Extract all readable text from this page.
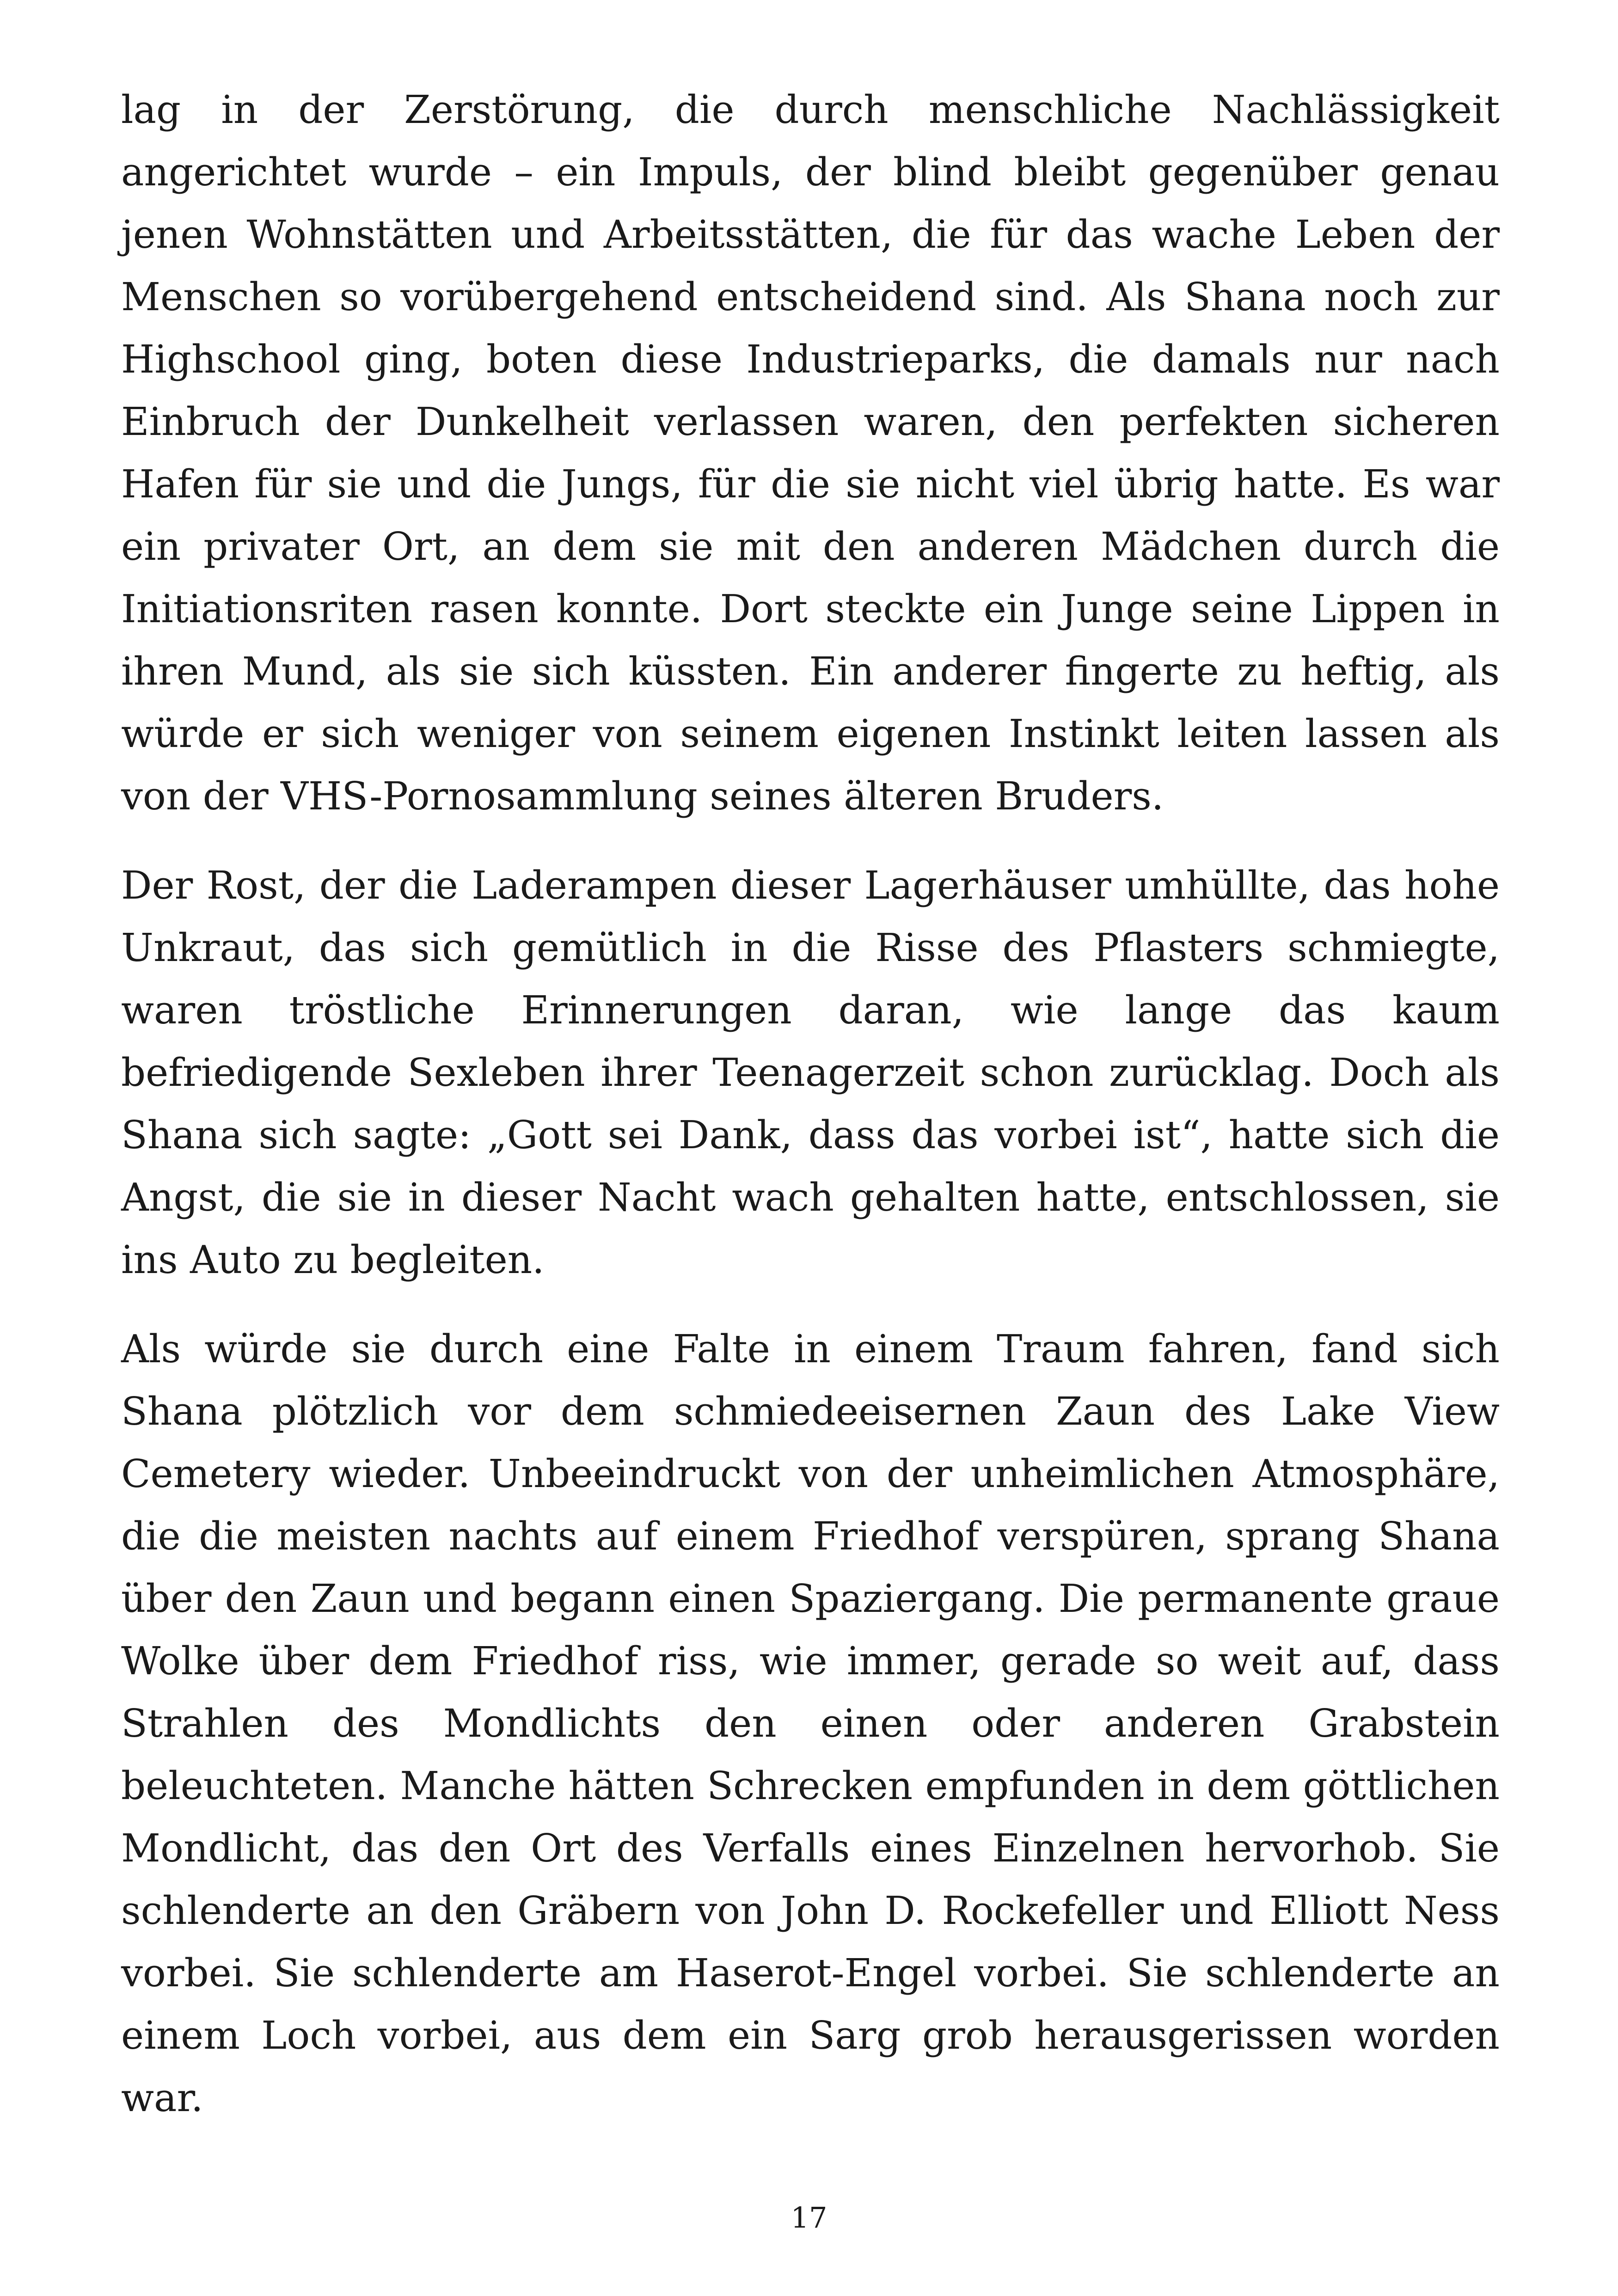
lag in der Zerstörung, die durch menschliche Nachlässigkeit angerichtet wurde – ein Impuls, der blind bleibt gegenüber genau jenen Wohnstätten und Arbeitsstätten, die für das wache Leben der Menschen so vorübergehend entscheidend sind. Als Shana noch zur Highschool ging, boten diese Industrieparks, die damals nur nach Einbruch der Dunkelheit verlassen waren, den perfekten sicheren Hafen für sie und die Jungs, für die sie nicht viel übrig hatte. Es war ein privater Ort, an dem sie mit den anderen Mädchen durch die Initiationsriten rasen konnte. Dort steckte ein Junge seine Lippen in ihren Mund, als sie sich küssten. Ein anderer fingerte zu heftig, als würde er sich weniger von seinem eigenen Instinkt leiten lassen als von der VHS-Pornosammlung seines älteren Bruders.

Der Rost, der die Laderampen dieser Lagerhäuser umhüllte, das hohe Unkraut, das sich gemütlich in die Risse des Pflasters schmiegte, waren tröstliche Erinnerungen daran, wie lange das kaum befriedigende Sexleben ihrer Teenagerzeit schon zurücklag. Doch als Shana sich sagte: „Gott sei Dank, dass das vorbei ist“, hatte sich die Angst, die sie in dieser Nacht wach gehalten hatte, entschlossen, sie ins Auto zu begleiten.

Als würde sie durch eine Falte in einem Traum fahren, fand sich Shana plötzlich vor dem schmiedeeisernen Zaun des Lake View Cemetery wieder. Unbeeindruckt von der unheimlichen Atmosphäre, die die meisten nachts auf einem Friedhof verspüren, sprang Shana über den Zaun und begann einen Spaziergang. Die permanente graue Wolke über dem Friedhof riss, wie immer, gerade so weit auf, dass Strahlen des Mondlichts den einen oder anderen Grabstein beleuchteten. Manche hätten Schrecken empfunden in dem göttlichen Mondlicht, das den Ort des Verfalls eines Einzelnen hervorhob. Sie schlenderte an den Gräbern von John D. Rockefeller und Elliott Ness vorbei. Sie schlenderte am Haserot-Engel vorbei. Sie schlenderte an einem Loch vorbei, aus dem ein Sarg grob herausgerissen worden war.

17
